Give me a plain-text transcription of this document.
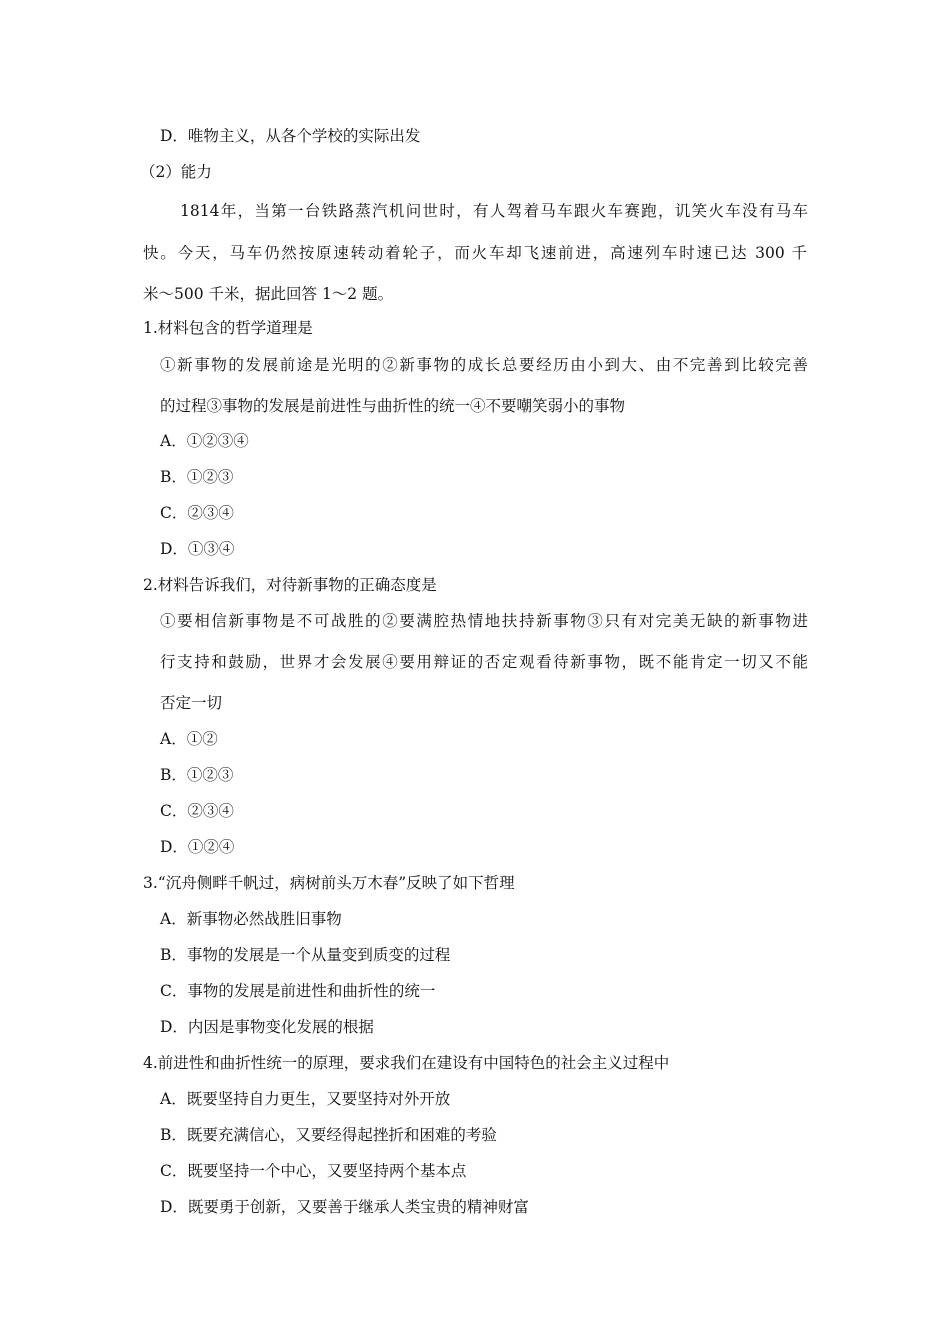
D．唯物主义，从各个学校的实际出发
（2）能力
1814年，当第一台铁路蒸汽机问世时，有人驾着马车跟火车赛跑，讥笑火车没有马车
快。今天，马车仍然按原速转动着轮子，而火车却飞速前进，高速列车时速已达 300 千
米～500 千米，据此回答 1～2 题。
1.材料包含的哲学道理是
①新事物的发展前途是光明的②新事物的成长总要经历由小到大、由不完善到比较完善
的过程③事物的发展是前进性与曲折性的统一④不要嘲笑弱小的事物
A．①②③④
B．①②③
C．②③④
D．①③④
2.材料告诉我们，对待新事物的正确态度是
①要相信新事物是不可战胜的②要满腔热情地扶持新事物③只有对完美无缺的新事物进
行支持和鼓励，世界才会发展④要用辩证的否定观看待新事物，既不能肯定一切又不能
否定一切
A．①②
B．①②③
C．②③④
D．①②④
3.“沉舟侧畔千帆过，病树前头万木春”反映了如下哲理
A．新事物必然战胜旧事物
B．事物的发展是一个从量变到质变的过程
C．事物的发展是前进性和曲折性的统一
D．内因是事物变化发展的根据
4.前进性和曲折性统一的原理，要求我们在建设有中国特色的社会主义过程中
A．既要坚持自力更生，又要坚持对外开放
B．既要充满信心，又要经得起挫折和困难的考验
C．既要坚持一个中心，又要坚持两个基本点
D．既要勇于创新，又要善于继承人类宝贵的精神财富
